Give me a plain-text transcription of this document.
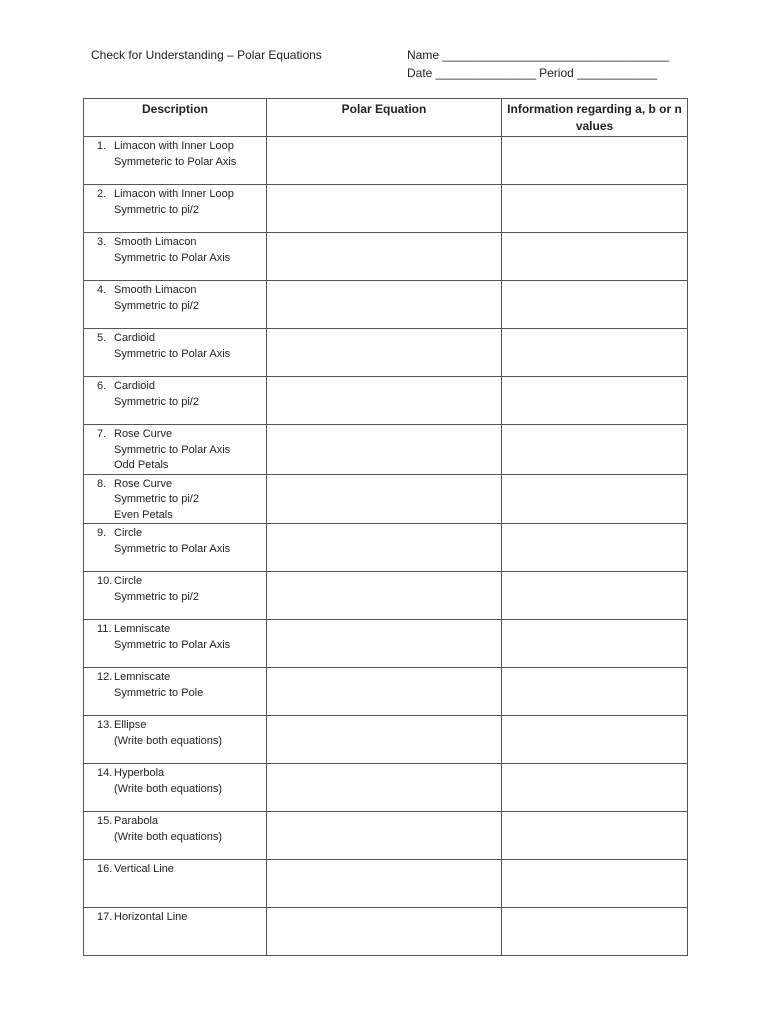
Check for Understanding – Polar Equations	Name __________________________________
Date _______________ Period ____________
Description	Polar Equation	Information regarding a, b or n values

1. Limacon with Inner Loop
Symmeteric to Polar Axis		

2. Limacon with Inner Loop
Symmetric to pi/2		

3. Smooth Limacon
Symmetric to Polar Axis		

4. Smooth Limacon
Symmetric to pi/2		

5. Cardioid
Symmetric to Polar Axis		

6. Cardioid
Symmetric to pi/2		

7. Rose Curve
Symmetric to Polar Axis
Odd Petals		

8. Rose Curve
Symmetric to pi/2
Even Petals		

9. Circle
Symmetric to Polar Axis		

10. Circle
Symmetric to pi/2		

11. Lemniscate
Symmetric to Polar Axis		

12. Lemniscate
Symmetric to Pole		

13. Ellipse
(Write both equations)		

14. Hyperbola
(Write both equations)		

15. Parabola
(Write both equations)		

16. Vertical Line		

17. Horizontal Line		
